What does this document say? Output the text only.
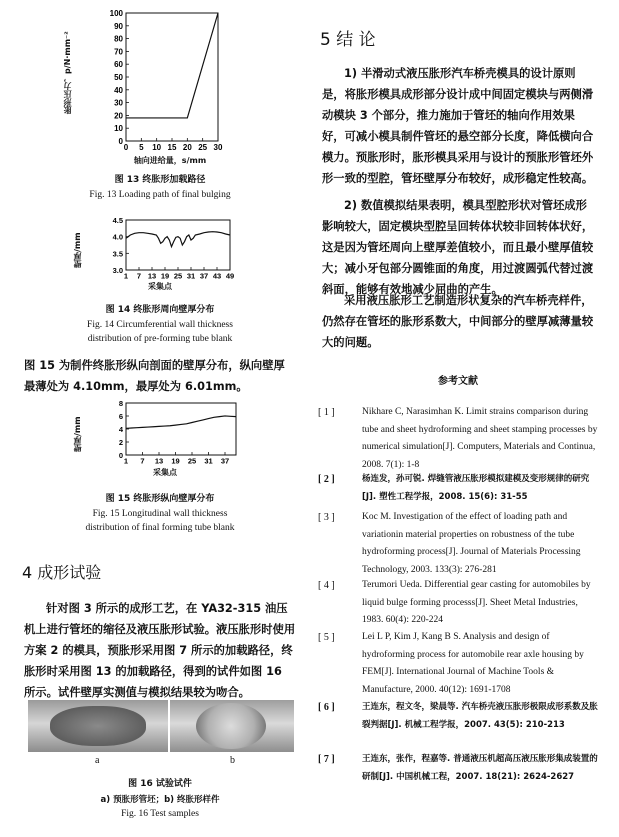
0
10
20
30
40
50
60
70
80
90
100
0 5 10 15 20 25 30
胀形压力，p/N·mm⁻²
轴向进给量，s/mm
图 13 终胀形加载路径
Fig. 13 Loading path of final bulging
3.0
3.5
4.0
4.5
1 7 13 19 25 31 37 43 49
壁厚/mm
采集点
图 14 终胀形周向壁厚分布
Fig. 14 Circumferential wall thickness
distribution of pre-forming tube blank
图 15 为制件终胀形纵向剖面的壁厚分布，纵向壁厚最薄处为 4.10mm，最厚处为 6.01mm。
0
2
4
6
8
1 7 13 19 25 31 37
壁厚/mm
采集点
图 15 终胀形纵向壁厚分布
Fig. 15 Longitudinal wall thickness
distribution of final forming tube blank
4 成形试验
针对图 3 所示的成形工艺，在 YA32-315 油压机上进行管坯的缩径及液压胀形试验。液压胀形时使用方案 2 的模具，预胀形采用图 7 所示的加载路径，终胀形时采用图 13 的加载路径，得到的试件如图 16 所示。试件壁厚实测值与模拟结果较为吻合。
a	b
图 16 试验试件
a) 预胀形管坯；b) 终胀形样件
Fig. 16 Test samples
5 结 论
1) 半滑动式液压胀形汽车桥壳模具的设计原则是，将胀形模具成形部分设计成中间固定模块与两侧滑动模块 3 个部分，推力施加于管坯的轴向作用效果好，可减小模具制件管坯的悬空部分长度，降低横向合模力。预胀形时，胀形模具采用与设计的预胀形管坯外形一致的型腔，管坯壁厚分布较好，成形稳定性较高。
2) 数值模拟结果表明，模具型腔形状对管坯成形影响较大，固定模块型腔呈回转体状较非回转体状好，这是因为管坯周向上壁厚差值较小，而且最小壁厚值较大；减小牙包部分圆锥面的角度，用过渡圆弧代替过渡斜面，能够有效地减少屈曲的产生。
采用液压胀形工艺制造形状复杂的汽车桥壳样件，仍然存在管坯的胀形系数大，中间部分的壁厚减薄量较大的问题。
参考文献
[ 1 ]	Nikhare C, Narasimhan K. Limit strains comparison during tube and sheet hydroforming and sheet stamping processes by numerical simulation[J]. Computers, Materials and Continua, 2008. 7(1): 1-8
[ 2 ]	杨连发，孙可锐. 焊缝管液压胀形模拟建模及变形规律的研究[J]. 塑性工程学报，2008. 15(6): 31-55
[ 3 ]	Koc M. Investigation of the effect of loading path and variationin material properties on robustness of the tube hydroforming process[J]. Journal of Materials Processing Technology, 2003. 133(3): 276-281
[ 4 ]	Terumori Ueda. Differential gear casting for automobiles by liquid bulge forming processs[J]. Sheet Metal Industries, 1983. 60(4): 220-224
[ 5 ]	Lei L P, Kim J, Kang B S. Analysis and design of hydroforming process for automobile rear axle housing by FEM[J]. International Journal of Machine Tools & Manufacture, 2000. 40(12): 1691-1708
[ 6 ]	王连东，程文冬，梁晨等. 汽车桥壳液压胀形极限成形系数及胀裂判据[J]. 机械工程学报，2007. 43(5): 210-213
[ 7 ]	王连东，张作，程嘉等. 普通液压机超高压液压胀形集成装置的研制[J]. 中国机械工程，2007. 18(21): 2624-2627
